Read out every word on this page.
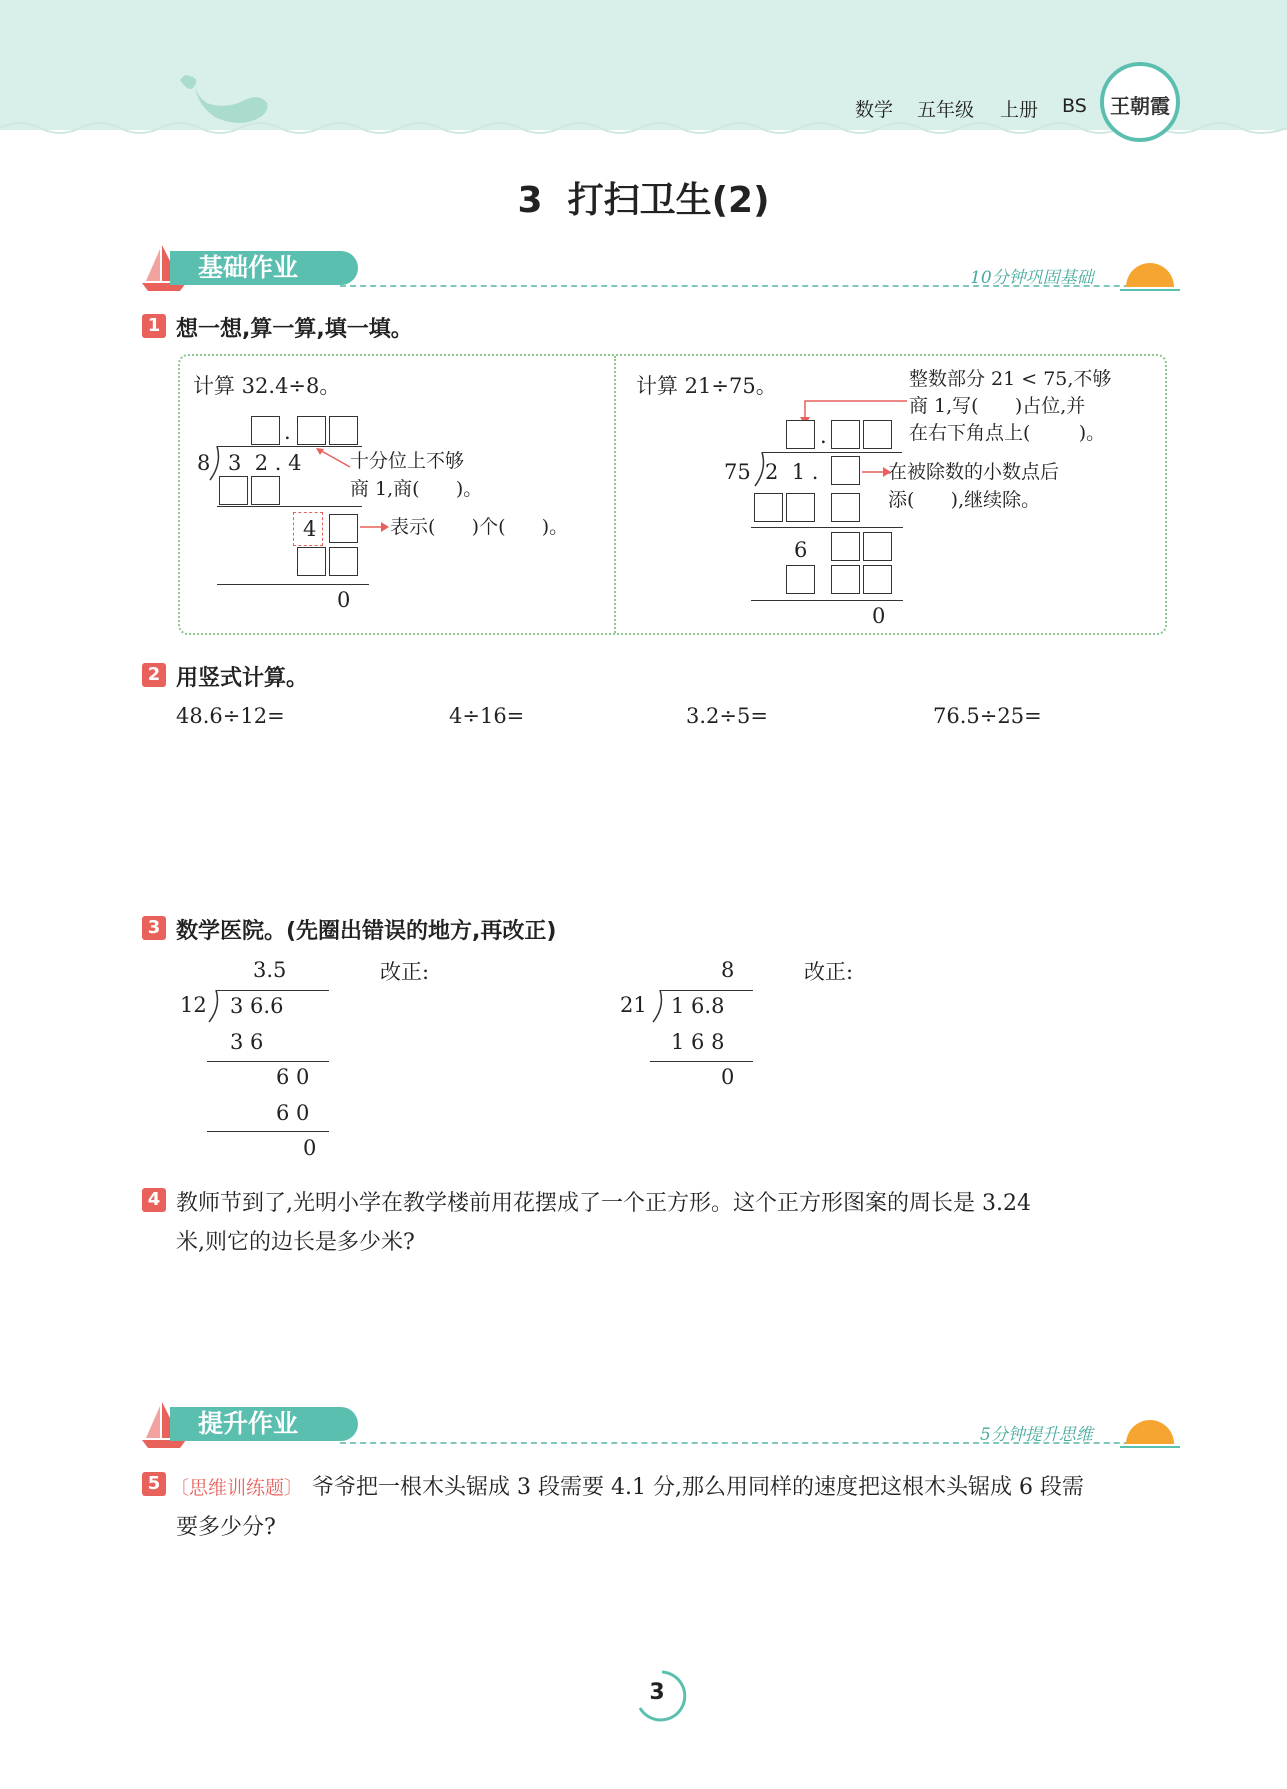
数学 五年级 上册 BS	王朝霞
3  打扫卫生(2)
基础作业	10分钟巩固基础
1 想一想,算一算,填一填。
计算 32.4÷8。
.
8 3  2 . 4	十分位上不够
商 1,商(      )。
4	表示(      )个(      )。
0
计算 21÷75。	整数部分 21 < 75,不够
商 1,写(      )占位,并
在右下角点上(        )。
.
75 2  1 .	在被除数的小数点后
添(      ),继续除。
6
0
2 用竖式计算。
48.6÷12=	4÷16=	3.2÷5=	76.5÷25=
3 数学医院。(先圈出错误的地方,再改正)
3.5
12 3 6.6
3 6
6 0
6 0
0
改正:	8
21 1 6.8
1 6 8
0
改正:
4 教师节到了,光明小学在教学楼前用花摆成了一个正方形。这个正方形图案的周长是 3.24
米,则它的边长是多少米?
提升作业	5分钟提升思维
5 〔思维训练题〕 爷爷把一根木头锯成 3 段需要 4.1 分,那么用同样的速度把这根木头锯成 6 段需
要多少分?
3
